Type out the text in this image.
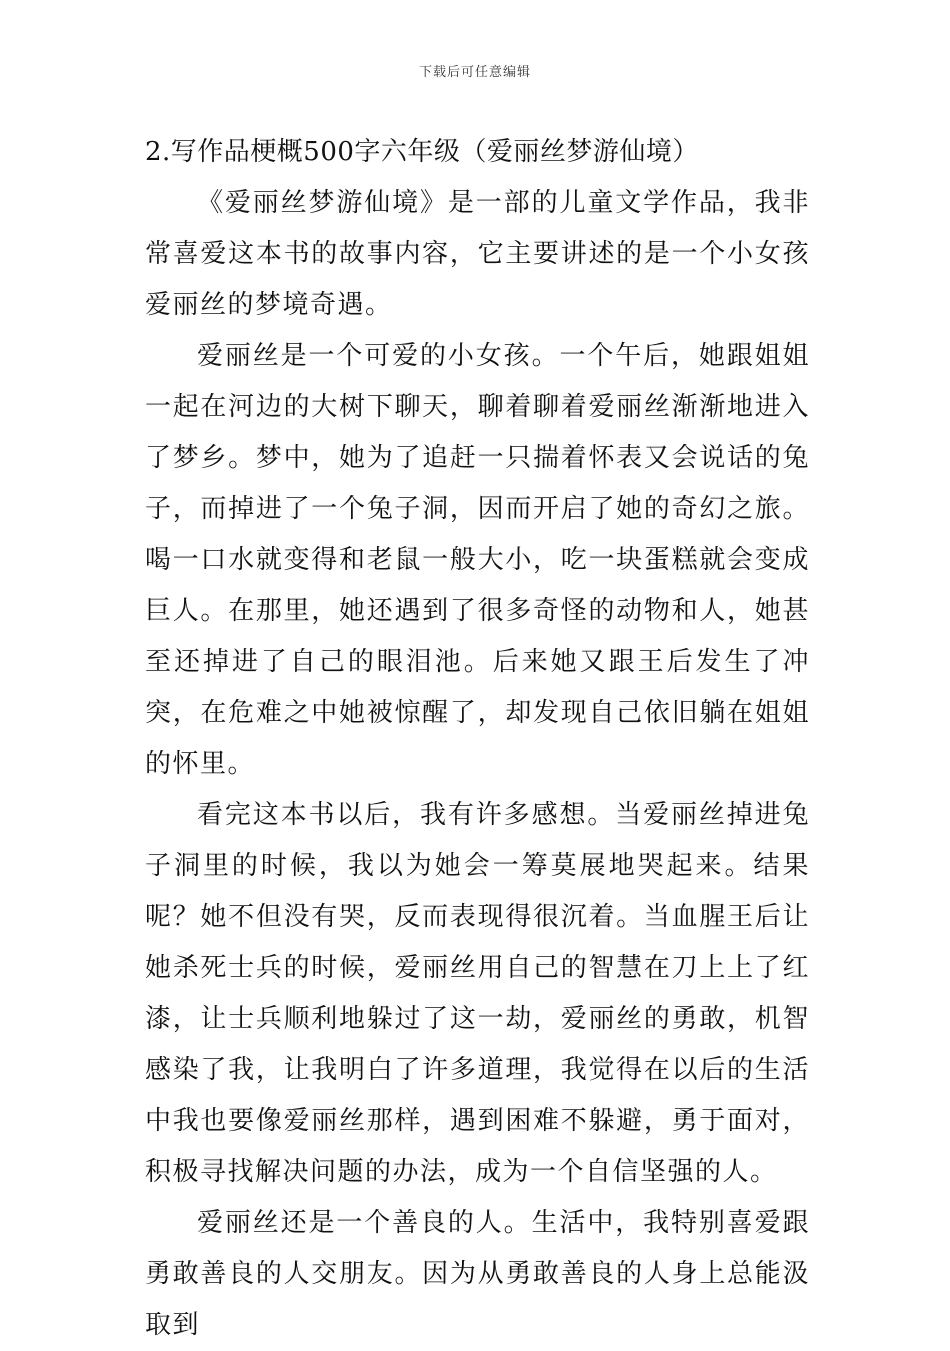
下载后可任意编辑
2.写作品梗概500字六年级（爱丽丝梦游仙境）

《爱丽丝梦游仙境》是一部的儿童文学作品，我非常喜爱这本书的故事内容，它主要讲述的是一个小女孩爱丽丝的梦境奇遇。

爱丽丝是一个可爱的小女孩。一个午后，她跟姐姐一起在河边的大树下聊天，聊着聊着爱丽丝渐渐地进入了梦乡。梦中，她为了追赶一只揣着怀表又会说话的兔子，而掉进了一个兔子洞，因而开启了她的奇幻之旅。喝一口水就变得和老鼠一般大小，吃一块蛋糕就会变成巨人。在那里，她还遇到了很多奇怪的动物和人，她甚至还掉进了自己的眼泪池。后来她又跟王后发生了冲突，在危难之中她被惊醒了，却发现自己依旧躺在姐姐的怀里。

看完这本书以后，我有许多感想。当爱丽丝掉进兔子洞里的时候，我以为她会一筹莫展地哭起来。结果呢？她不但没有哭，反而表现得很沉着。当血腥王后让她杀死士兵的时候，爱丽丝用自己的智慧在刀上上了红漆，让士兵顺利地躲过了这一劫，爱丽丝的勇敢，机智感染了我，让我明白了许多道理，我觉得在以后的生活中我也要像爱丽丝那样，遇到困难不躲避，勇于面对，积极寻找解决问题的办法，成为一个自信坚强的人。

爱丽丝还是一个善良的人。生活中，我特别喜爱跟勇敢善良的人交朋友。因为从勇敢善良的人身上总能汲取到
